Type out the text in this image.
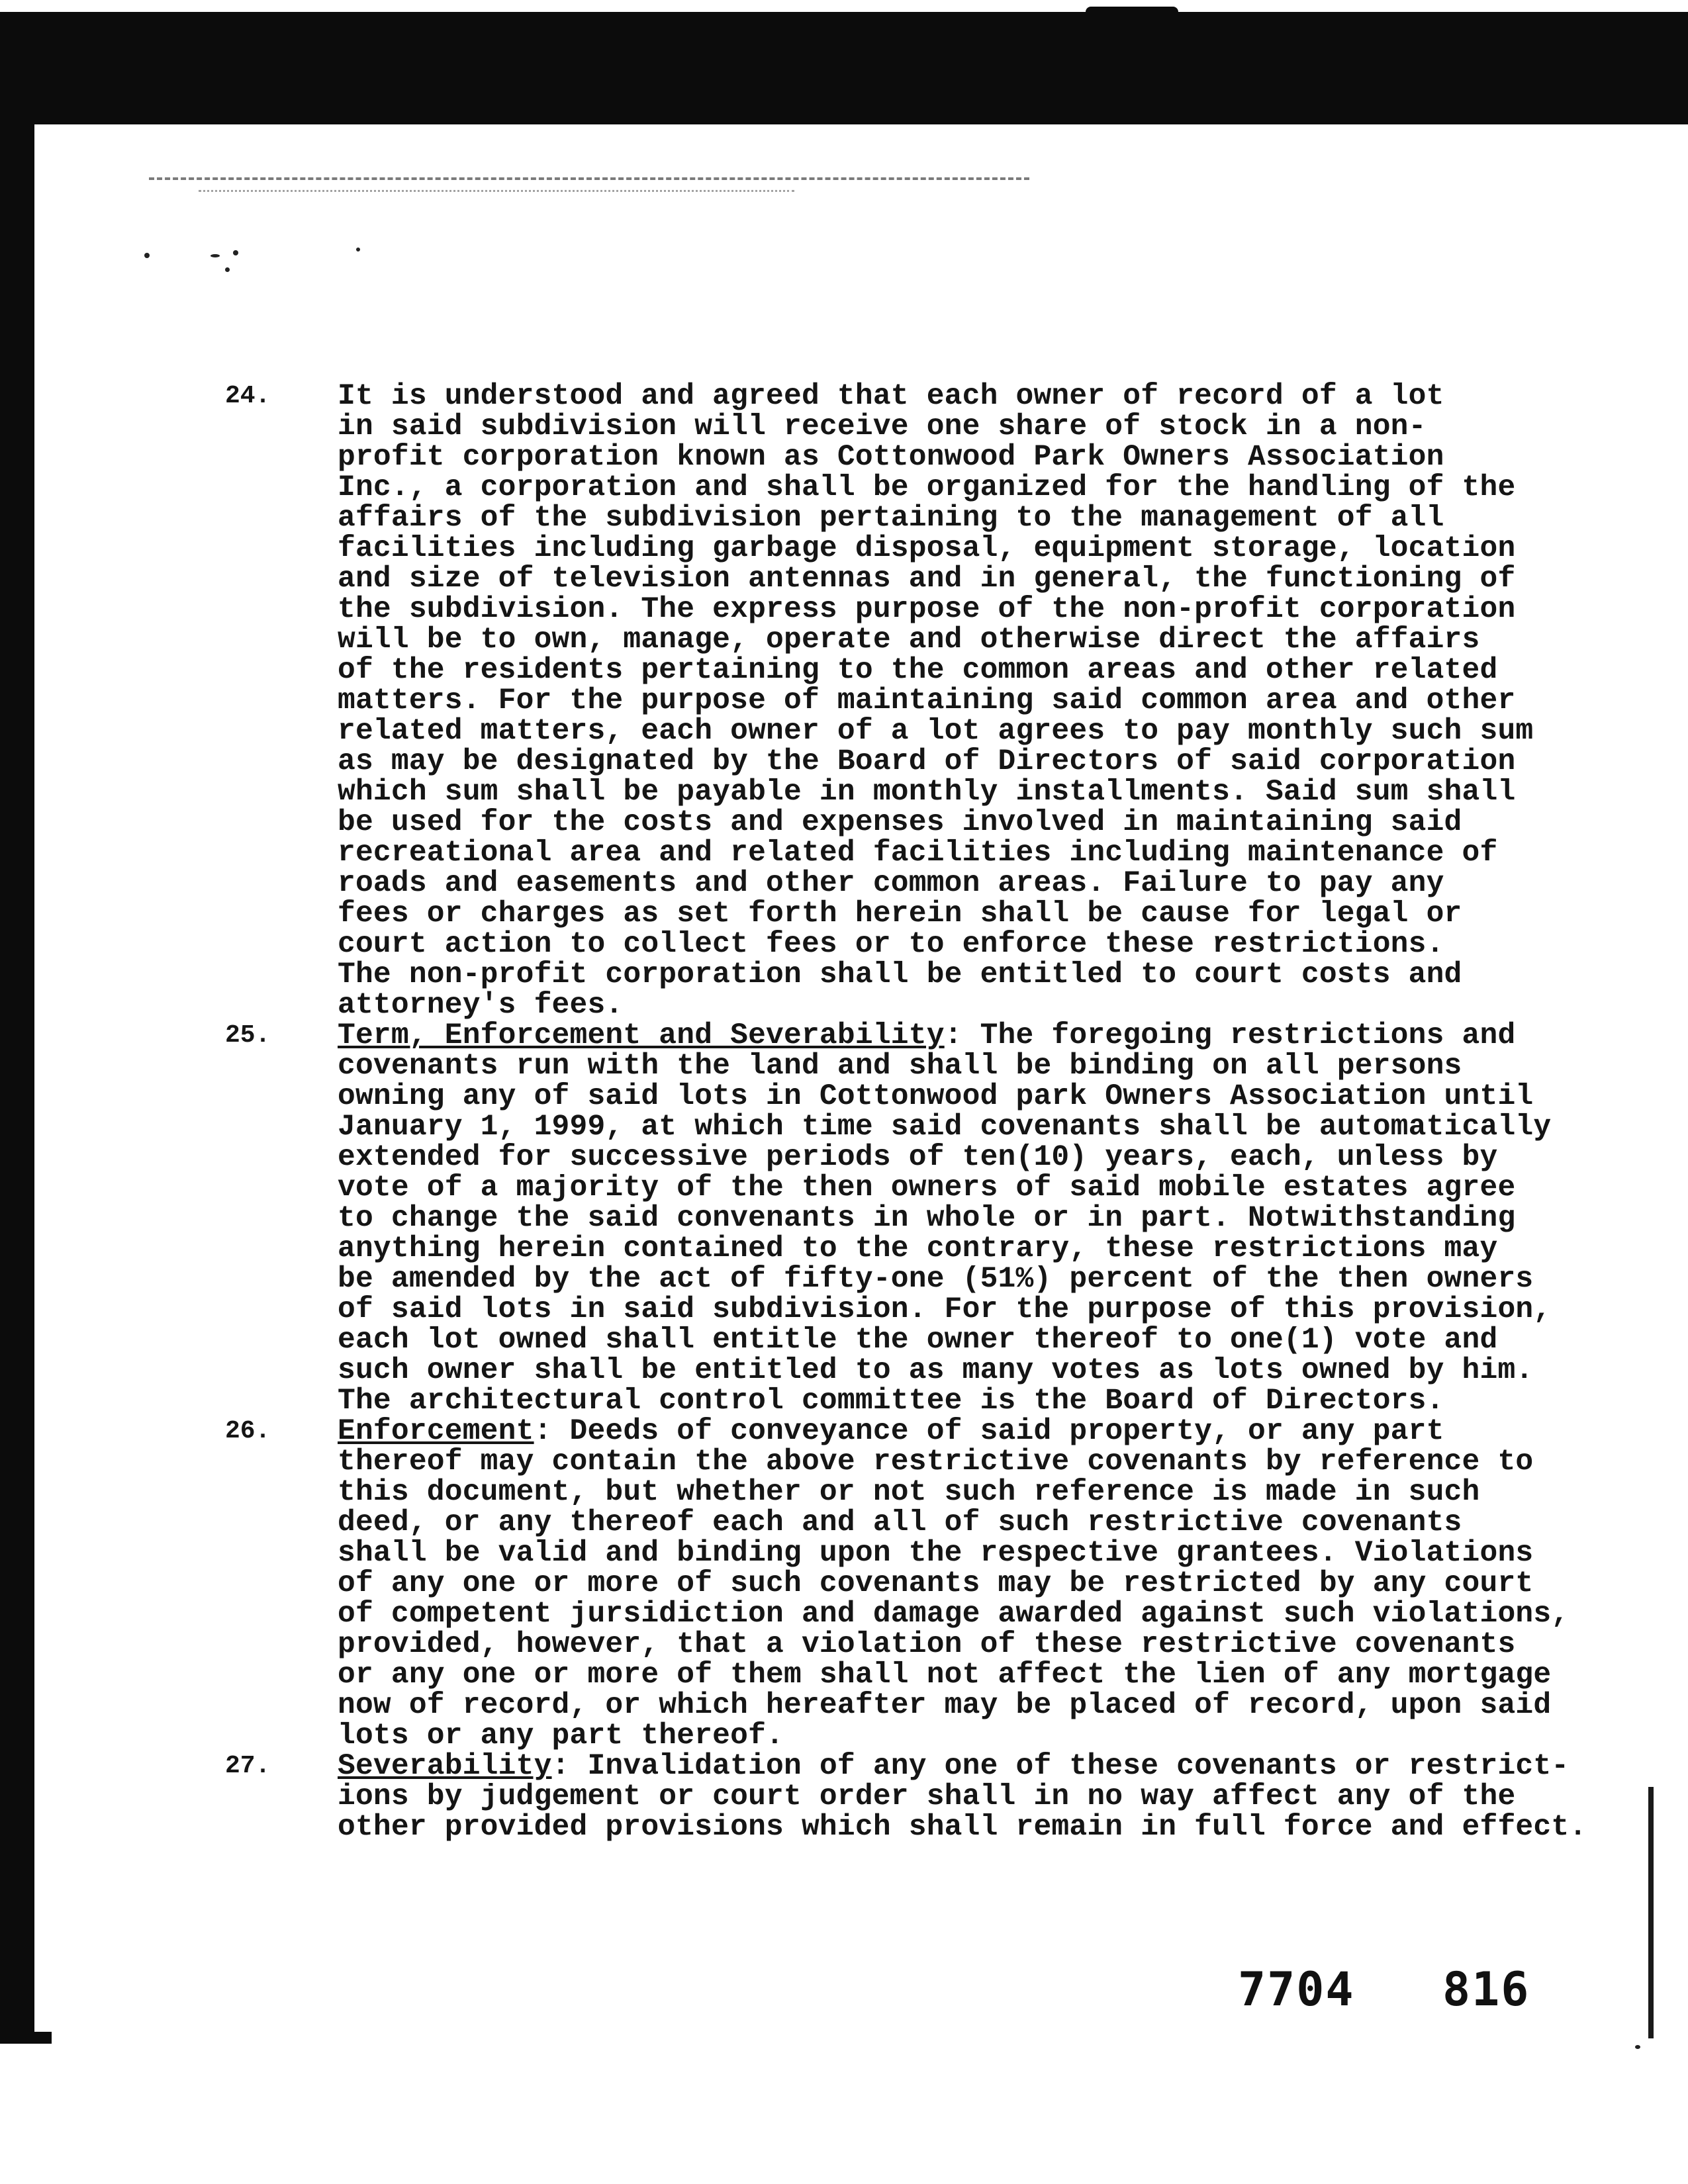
24.	It is understood and agreed that each owner of record of a lot
in said subdivision will receive one share of stock in a non-
profit corporation known as Cottonwood Park Owners Association
Inc., a corporation and shall be organized for the handling of the
affairs of the subdivision pertaining to the management of all
facilities including garbage disposal, equipment storage, location
and size of television antennas and in general, the functioning of
the subdivision. The express purpose of the non-profit corporation
will be to own, manage, operate and otherwise direct the affairs
of the residents pertaining to the common areas and other related
matters. For the purpose of maintaining said common area and other
related matters, each owner of a lot agrees to pay monthly such sum
as may be designated by the Board of Directors of said corporation
which sum shall be payable in monthly installments. Said sum shall
be used for the costs and expenses involved in maintaining said
recreational area and related facilities including maintenance of
roads and easements and other common areas. Failure to pay any
fees or charges as set forth herein shall be cause for legal or
court action to collect fees or to enforce these restrictions.
The non-profit corporation shall be entitled to court costs and
attorney's fees.
25.	Term, Enforcement and Severability: The foregoing restrictions and
covenants run with the land and shall be binding on all persons
owning any of said lots in Cottonwood park Owners Association until
January 1, 1999, at which time said covenants shall be automatically
extended for successive periods of ten(10) years, each, unless by
vote of a majority of the then owners of said mobile estates agree
to change the said convenants in whole or in part. Notwithstanding
anything herein contained to the contrary, these restrictions may
be amended by the act of fifty-one (51%) percent of the then owners
of said lots in said subdivision. For the purpose of this provision,
each lot owned shall entitle the owner thereof to one(1) vote and
such owner shall be entitled to as many votes as lots owned by him.
The architectural control committee is the Board of Directors.
26.	Enforcement: Deeds of conveyance of said property, or any part
thereof may contain the above restrictive covenants by reference to
this document, but whether or not such reference is made in such
deed, or any thereof each and all of such restrictive covenants
shall be valid and binding upon the respective grantees. Violations
of any one or more of such covenants may be restricted by any court
of competent jursidiction and damage awarded against such violations,
provided, however, that a violation of these restrictive covenants
or any one or more of them shall not affect the lien of any mortgage
now of record, or which hereafter may be placed of record, upon said
lots or any part thereof.
27.	Severability: Invalidation of any one of these covenants or restrict-
ions by judgement or court order shall in no way affect any of the
other provided provisions which shall remain in full force and effect.
7704   816
